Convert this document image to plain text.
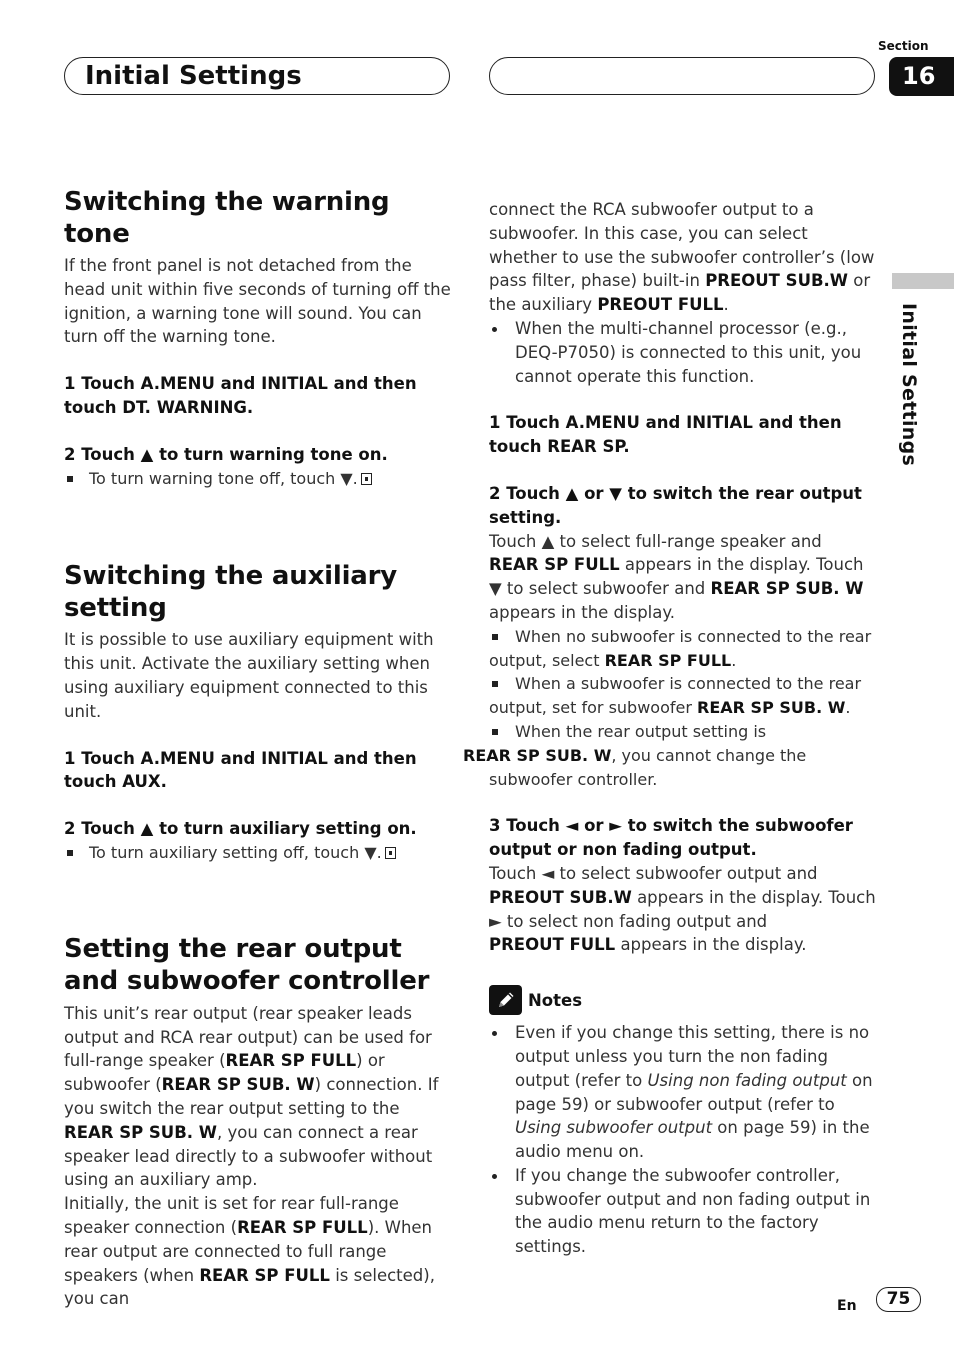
Initial Settings
Section
16
Initial Settings
Switching the warning tone

If the front panel is not detached from the head unit within five seconds of turning off the ignition, a warning tone will sound. You can turn off the warning tone.

1 Touch A.MENU and INITIAL and then touch DT. WARNING.

2 Touch ▲ to turn warning tone on.

To turn warning tone off, touch ▼.

Switching the auxiliary setting

It is possible to use auxiliary equipment with this unit. Activate the auxiliary setting when using auxiliary equipment connected to this unit.

1 Touch A.MENU and INITIAL and then touch AUX.

2 Touch ▲ to turn auxiliary setting on.

To turn auxiliary setting off, touch ▼.

Setting the rear output and subwoofer controller

This unit’s rear output (rear speaker leads output and RCA rear output) can be used for full-range speaker (REAR SP FULL) or subwoofer (REAR SP SUB. W) connection. If you switch the rear output setting to the
REAR SP SUB. W, you can connect a rear speaker lead directly to a subwoofer without using an auxiliary amp.

Initially, the unit is set for rear full-range speaker connection (REAR SP FULL). When rear output are connected to full range speakers (when REAR SP FULL is selected), you can

connect the RCA subwoofer output to a subwoofer. In this case, you can select whether to use the subwoofer controller’s (low pass filter, phase) built-in PREOUT SUB.W or the auxiliary PREOUT FULL.

When the multi-channel processor (e.g., DEQ-P7050) is connected to this unit, you cannot operate this function.

1 Touch A.MENU and INITIAL and then touch REAR SP.

2 Touch ▲ or ▼ to switch the rear output setting.

Touch ▲ to select full-range speaker and
REAR SP FULL appears in the display. Touch ▼ to select subwoofer and REAR SP SUB. W appears in the display.

When no subwoofer is connected to the rear output, select REAR SP FULL.

When a subwoofer is connected to the rear output, set for subwoofer REAR SP SUB. W.

When the rear output setting is
REAR SP SUB. W, you cannot change the subwoofer controller.

3 Touch ◄ or ► to switch the subwoofer output or non fading output.

Touch ◄ to select subwoofer output and
PREOUT SUB.W appears in the display. Touch ► to select non fading output and
PREOUT FULL appears in the display.

Notes

Even if you change this setting, there is no output unless you turn the non fading output (refer to Using non fading output on page 59) or subwoofer output (refer to Using subwoofer output on page 59) in the audio menu on.

If you change the subwoofer controller, subwoofer output and non fading output in the audio menu return to the factory settings.

En	75
